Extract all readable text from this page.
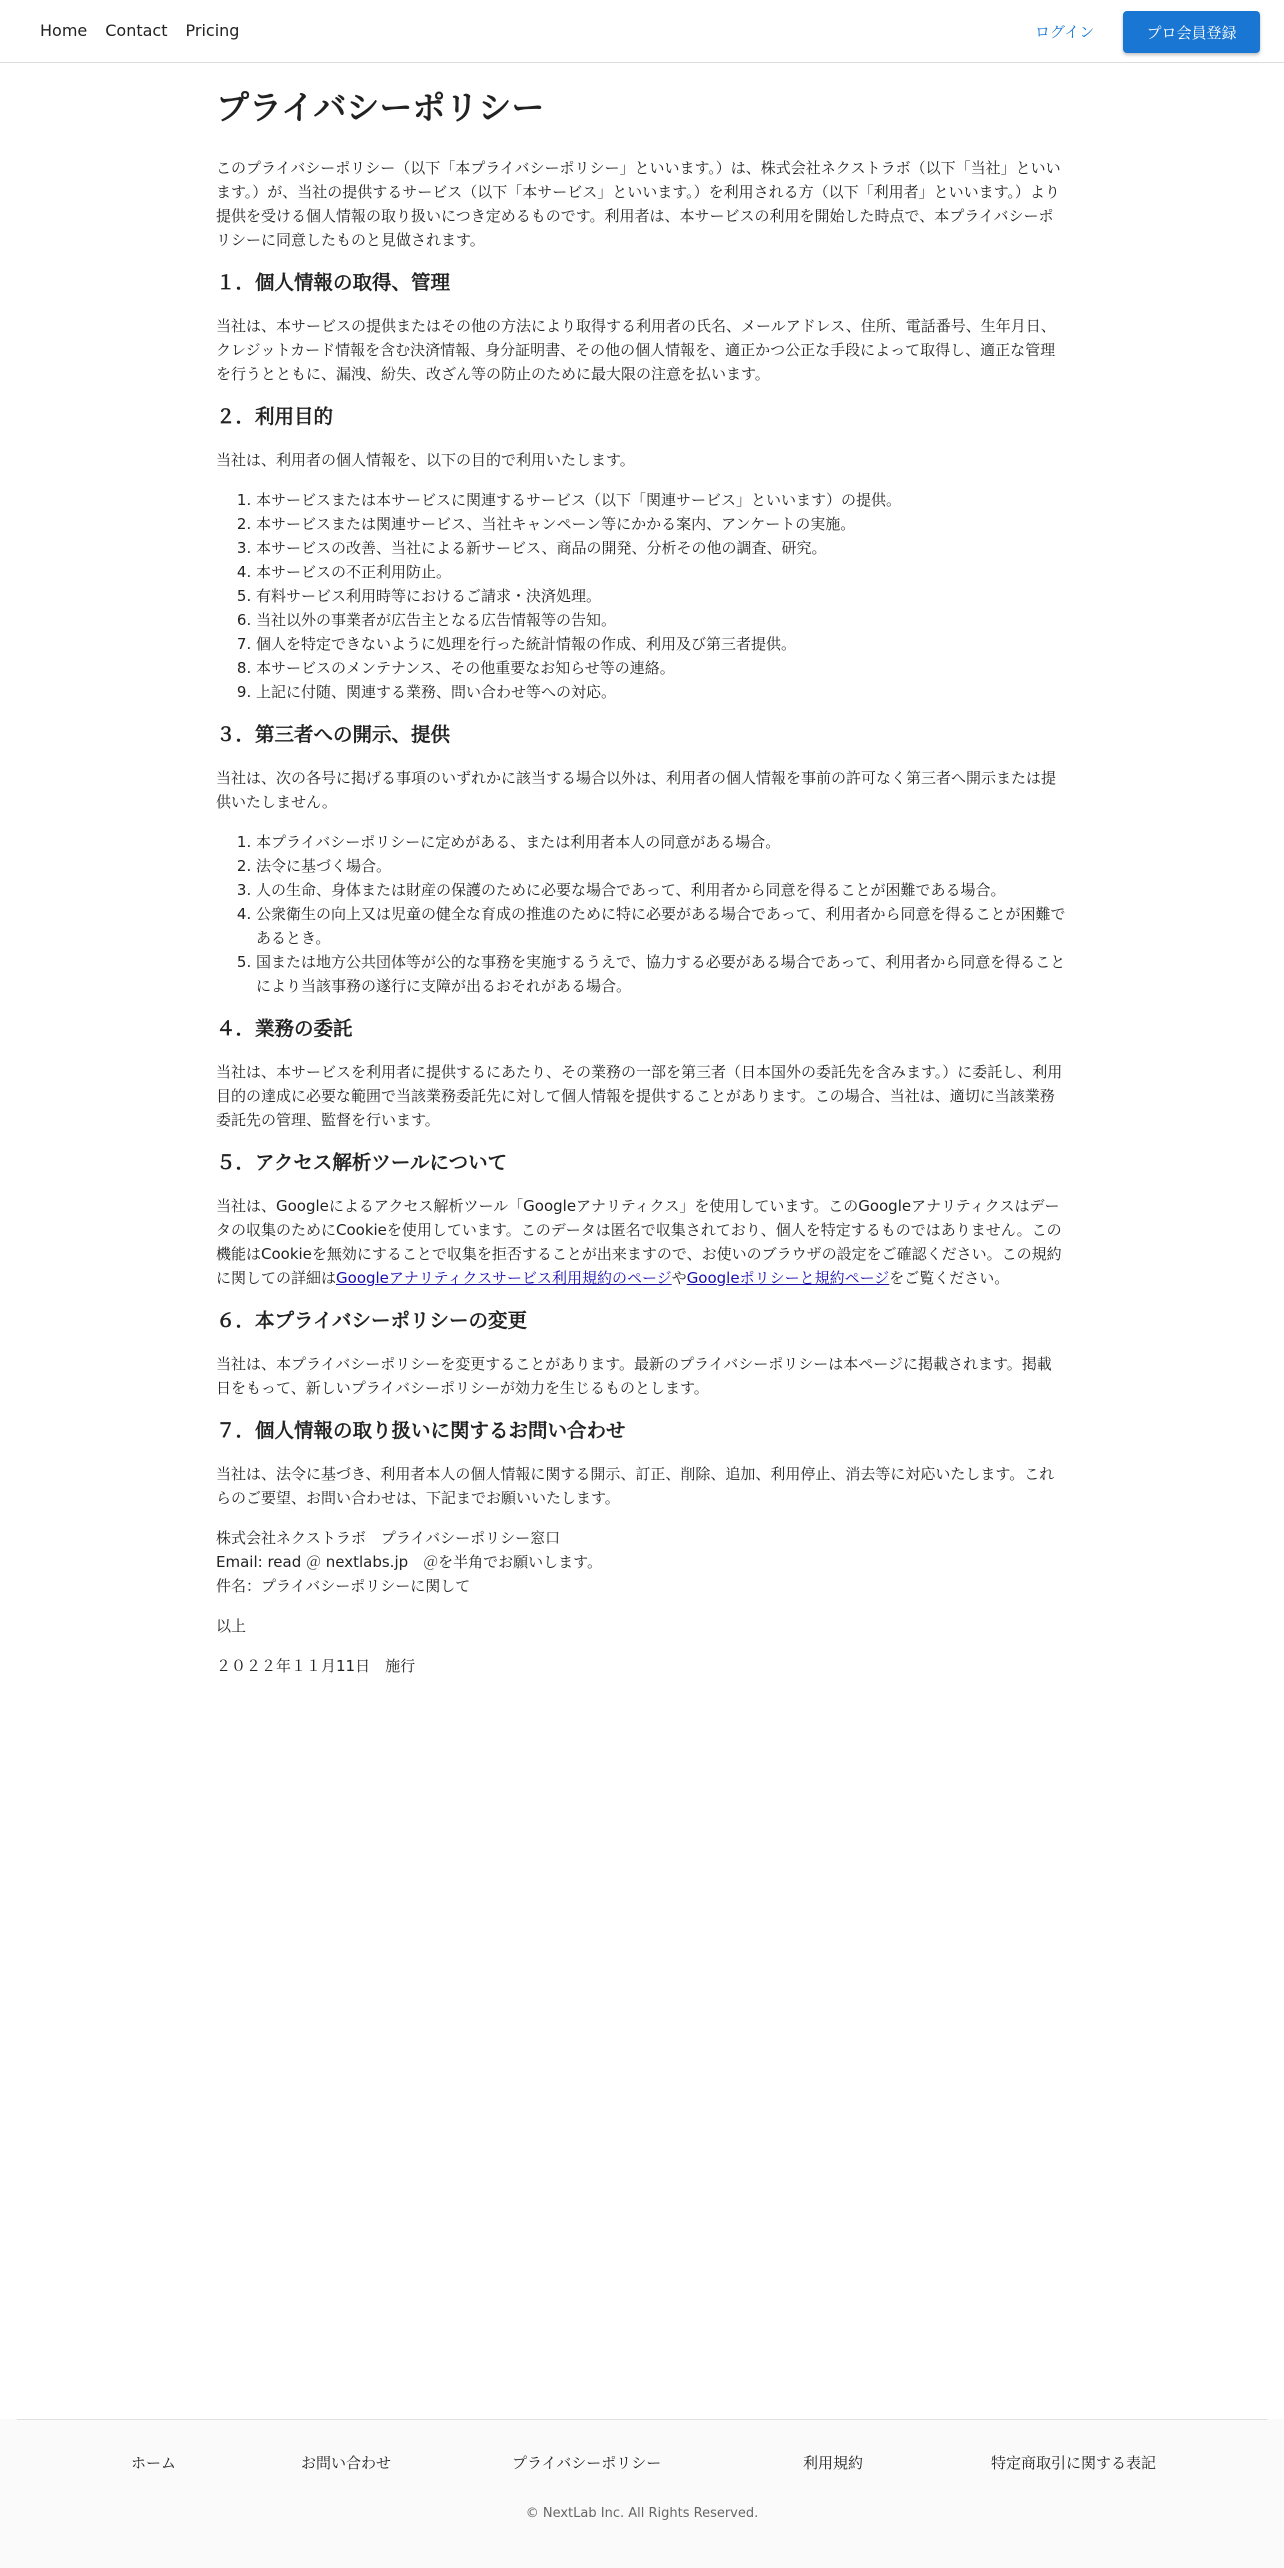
Home Contact Pricing	ログイン	プロ会員登録
プライバシーポリシー

このプライバシーポリシー（以下「本プライバシーポリシー」といいます。）は、株式会社ネクストラボ（以下「当社」といいます。）が、当社の提供するサービス（以下「本サービス」といいます。）を利用される方（以下「利用者」といいます。）より提供を受ける個人情報の取り扱いにつき定めるものです。利用者は、本サービスの利用を開始した時点で、本プライバシーポリシーに同意したものと見做されます。

１．個人情報の取得、管理

当社は、本サービスの提供またはその他の方法により取得する利用者の氏名、メールアドレス、住所、電話番号、生年月日、クレジットカード情報を含む決済情報、身分証明書、その他の個人情報を、適正かつ公正な手段によって取得し、適正な管理を行うとともに、漏洩、紛失、改ざん等の防止のために最大限の注意を払います。

２．利用目的

当社は、利用者の個人情報を、以下の目的で利用いたします。

1. 本サービスまたは本サービスに関連するサービス（以下「関連サービス」といいます）の提供。
2. 本サービスまたは関連サービス、当社キャンペーン等にかかる案内、アンケートの実施。
3. 本サービスの改善、当社による新サービス、商品の開発、分析その他の調査、研究。
4. 本サービスの不正利用防止。
5. 有料サービス利用時等におけるご請求・決済処理。
6. 当社以外の事業者が広告主となる広告情報等の告知。
7. 個人を特定できないように処理を行った統計情報の作成、利用及び第三者提供。
8. 本サービスのメンテナンス、その他重要なお知らせ等の連絡。
9. 上記に付随、関連する業務、問い合わせ等への対応。
３．第三者への開示、提供

当社は、次の各号に掲げる事項のいずれかに該当する場合以外は、利用者の個人情報を事前の許可なく第三者へ開示または提供いたしません。

1. 本プライバシーポリシーに定めがある、または利用者本人の同意がある場合。
2. 法令に基づく場合。
3. 人の生命、身体または財産の保護のために必要な場合であって、利用者から同意を得ることが困難である場合。
4. 公衆衛生の向上又は児童の健全な育成の推進のために特に必要がある場合であって、利用者から同意を得ることが困難であるとき。
5. 国または地方公共団体等が公的な事務を実施するうえで、協力する必要がある場合であって、利用者から同意を得ることにより当該事務の遂行に支障が出るおそれがある場合。
４．業務の委託

当社は、本サービスを利用者に提供するにあたり、その業務の一部を第三者（日本国外の委託先を含みます。）に委託し、利用目的の達成に必要な範囲で当該業務委託先に対して個人情報を提供することがあります。この場合、当社は、適切に当該業務委託先の管理、監督を行います。

５．アクセス解析ツールについて

当社は、Googleによるアクセス解析ツール「Googleアナリティクス」を使用しています。このGoogleアナリティクスはデータの収集のためにCookieを使用しています。このデータは匿名で収集されており、個人を特定するものではありません。この機能はCookieを無効にすることで収集を拒否することが出来ますので、お使いのブラウザの設定をご確認ください。この規約に関しての詳細はGoogleアナリティクスサービス利用規約のページやGoogleポリシーと規約ページをご覧ください。

６．本プライバシーポリシーの変更

当社は、本プライバシーポリシーを変更することがあります。最新のプライバシーポリシーは本ページに掲載されます。掲載日をもって、新しいプライバシーポリシーが効力を生じるものとします。

７．個人情報の取り扱いに関するお問い合わせ

当社は、法令に基づき、利用者本人の個人情報に関する開示、訂正、削除、追加、利用停止、消去等に対応いたします。これらのご要望、お問い合わせは、下記までお願いいたします。

株式会社ネクストラボ　プライバシーポリシー窓口
Email: read ＠ nextlabs.jp　＠を半角でお願いします。
件名：プライバシーポリシーに関して

以上

２０２２年１１月11日　施行

ホーム	お問い合わせ	プライバシーポリシー	利用規約	特定商取引に関する表記
© NextLab Inc. All Rights Reserved.
